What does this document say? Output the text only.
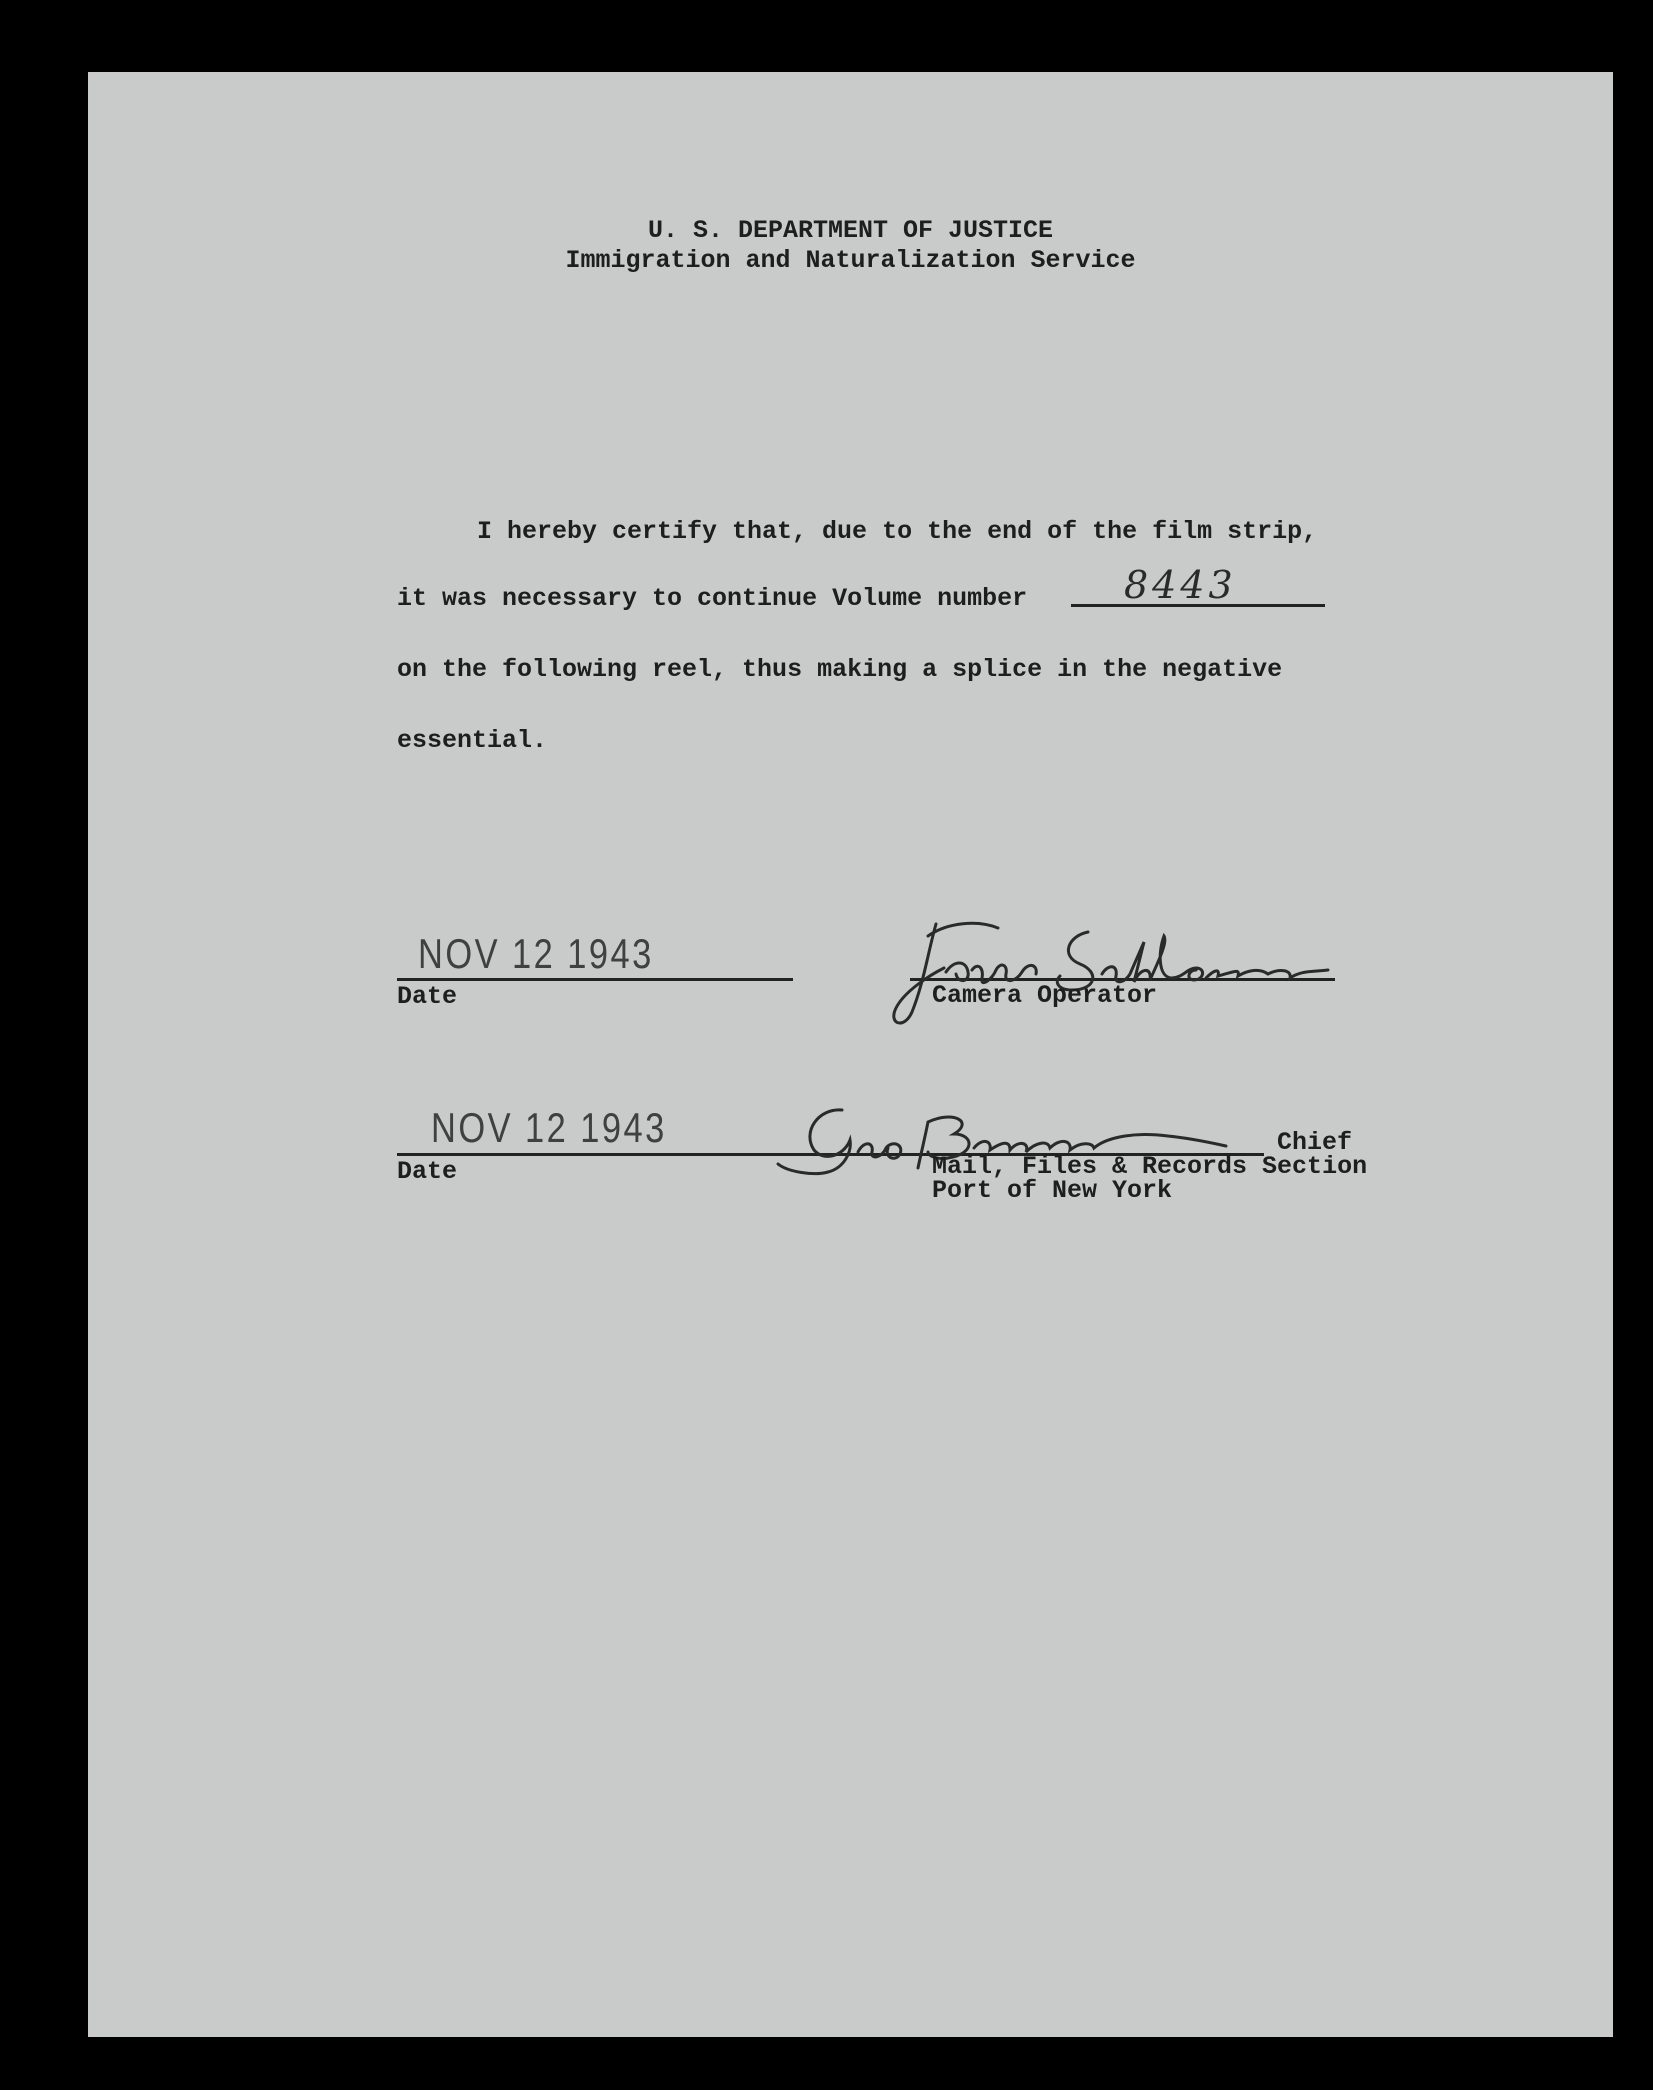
U. S. DEPARTMENT OF JUSTICE
Immigration and Naturalization Service
I hereby certify that, due to the end of the film strip,
it was necessary to continue Volume number	8443
on the following reel, thus making a splice in the negative
essential.
NOV 12 1943
Date	Camera Operator
NOV 12 1943
Date
Chief
Mail, Files & Records Section
Port of New York
